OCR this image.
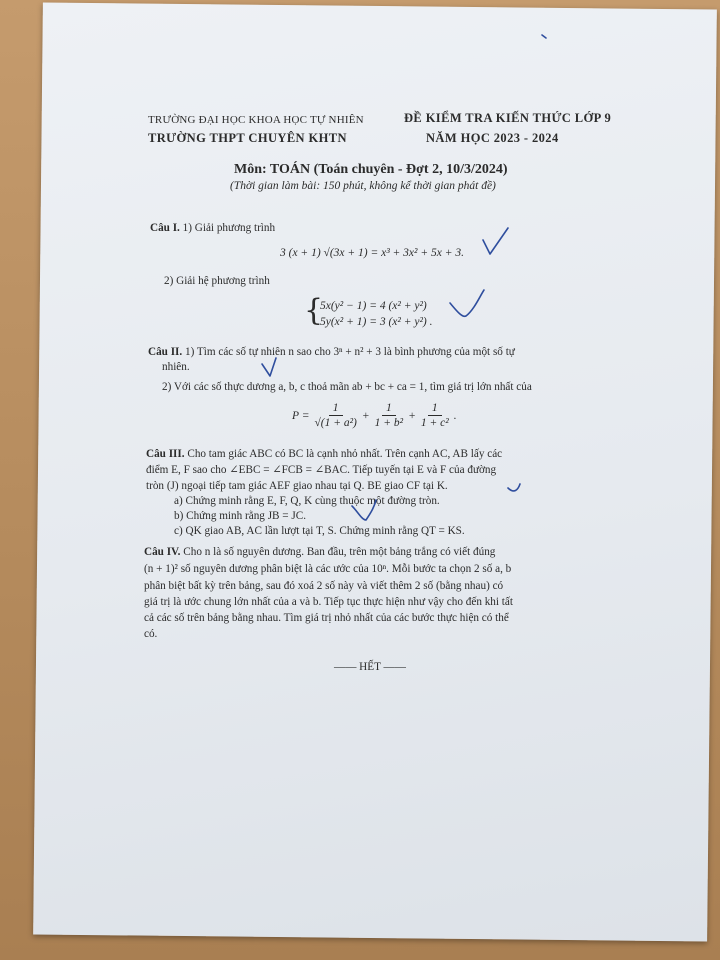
TRƯỜNG ĐẠI HỌC KHOA HỌC TỰ NHIÊN
TRƯỜNG THPT CHUYÊN KHTN
ĐỀ KIỂM TRA KIẾN THỨC LỚP 9
NĂM HỌC 2023 - 2024
Môn: TOÁN (Toán chuyên - Đợt 2, 10/3/2024)
(Thời gian làm bài: 150 phút, không kể thời gian phát đề)
Câu I. 1) Giải phương trình
3 (x + 1) √(3x + 1) = x³ + 3x² + 5x + 3.
2) Giải hệ phương trình
{
5x(y² − 1) = 4 (x² + y²)
5y(x² + 1) = 3 (x² + y²) .
Câu II. 1) Tìm các số tự nhiên n sao cho 3ⁿ + n² + 3 là bình phương của một số tự
nhiên.
2) Với các số thực dương a, b, c thoả mãn ab + bc + ca = 1, tìm giá trị lớn nhất của
$P = \frac{1}{\text{√(1 + a²)}} + \frac{1}{\text{1 + b²}} + \frac{1}{\text{1 + c²}}$ .
Câu III. Cho tam giác ABC có BC là cạnh nhỏ nhất. Trên cạnh AC, AB lấy các
điểm E, F sao cho ∠EBC = ∠FCB = ∠BAC. Tiếp tuyến tại E và F của đường
tròn (J) ngoại tiếp tam giác AEF giao nhau tại Q. BE giao CF tại K.
a) Chứng minh rằng E, F, Q, K cùng thuộc một đường tròn.
b) Chứng minh rằng JB = JC.
c) QK giao AB, AC lần lượt tại T, S. Chứng minh rằng QT = KS.
Câu IV. Cho n là số nguyên dương. Ban đầu, trên một bảng trắng có viết đúng
(n + 1)² số nguyên dương phân biệt là các ước của 10ⁿ. Mỗi bước ta chọn 2 số a, b
phân biệt bất kỳ trên bảng, sau đó xoá 2 số này và viết thêm 2 số (bằng nhau) có
giá trị là ước chung lớn nhất của a và b. Tiếp tục thực hiện như vậy cho đến khi tất
cả các số trên bảng bằng nhau. Tìm giá trị nhỏ nhất của các bước thực hiện có thể
có.
—— HẾT ——
